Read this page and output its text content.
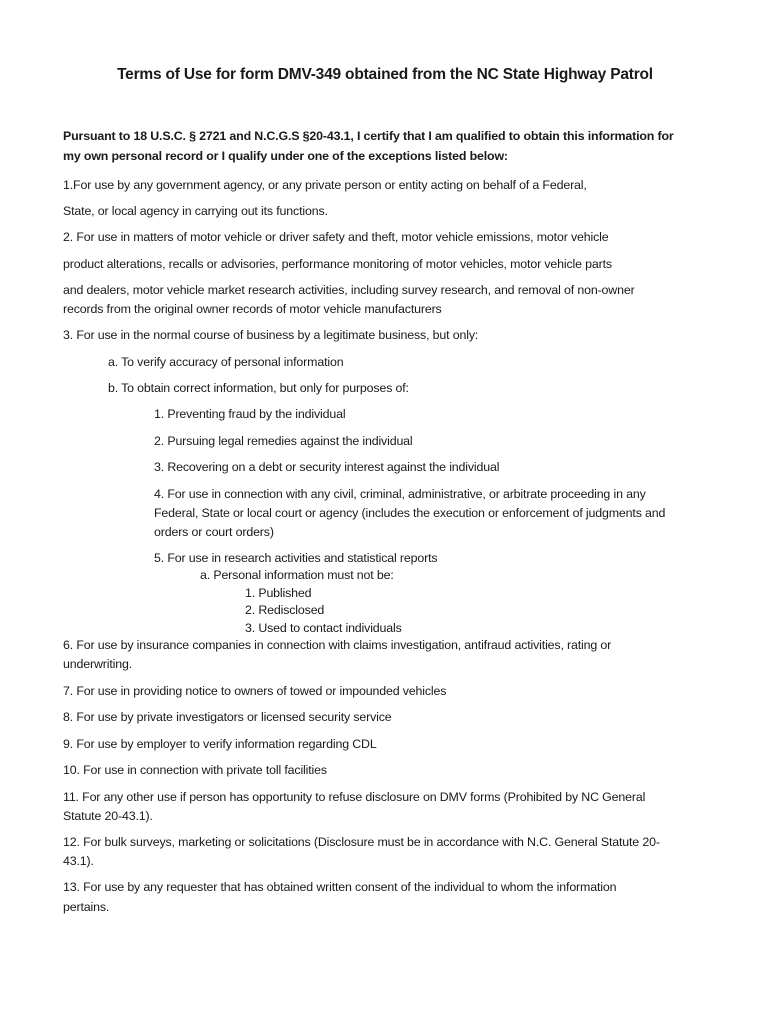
Terms of Use for form DMV-349 obtained from the NC State Highway Patrol
Pursuant to 18 U.S.C. § 2721 and N.C.G.S §20-43.1, I certify that I am qualified to obtain this information for
my own personal record or I qualify under one of the exceptions listed below:
1.For use by any government agency, or any private person or entity acting on behalf of a Federal,
State, or local agency in carrying out its functions.
2. For use in matters of motor vehicle or driver safety and theft, motor vehicle emissions, motor vehicle
product alterations, recalls or advisories, performance monitoring of motor vehicles, motor vehicle parts
and dealers, motor vehicle market research activities, including survey research, and removal of non-owner
records from the original owner records of motor vehicle manufacturers
3. For use in the normal course of business by a legitimate business, but only:
a. To verify accuracy of personal information
b. To obtain correct information, but only for purposes of:
1. Preventing fraud by the individual
2. Pursuing legal remedies against the individual
3. Recovering on a debt or security interest against the individual
4. For use in connection with any civil, criminal, administrative, or arbitrate proceeding in any
Federal, State or local court or agency (includes the execution or enforcement of judgments and
orders or court orders)
5. For use in research activities and statistical reports
a. Personal information must not be:
1. Published
2. Redisclosed
3. Used to contact individuals
6. For use by insurance companies in connection with claims investigation, antifraud activities, rating or
underwriting.
7. For use in providing notice to owners of towed or impounded vehicles
8. For use by private investigators or licensed security service
9. For use by employer to verify information regarding CDL
10. For use in connection with private toll facilities
11. For any other use if person has opportunity to refuse disclosure on DMV forms (Prohibited by NC General
Statute 20-43.1).
12. For bulk surveys, marketing or solicitations (Disclosure must be in accordance with N.C. General Statute 20-
43.1).
13. For use by any requester that has obtained written consent of the individual to whom the information
pertains.
